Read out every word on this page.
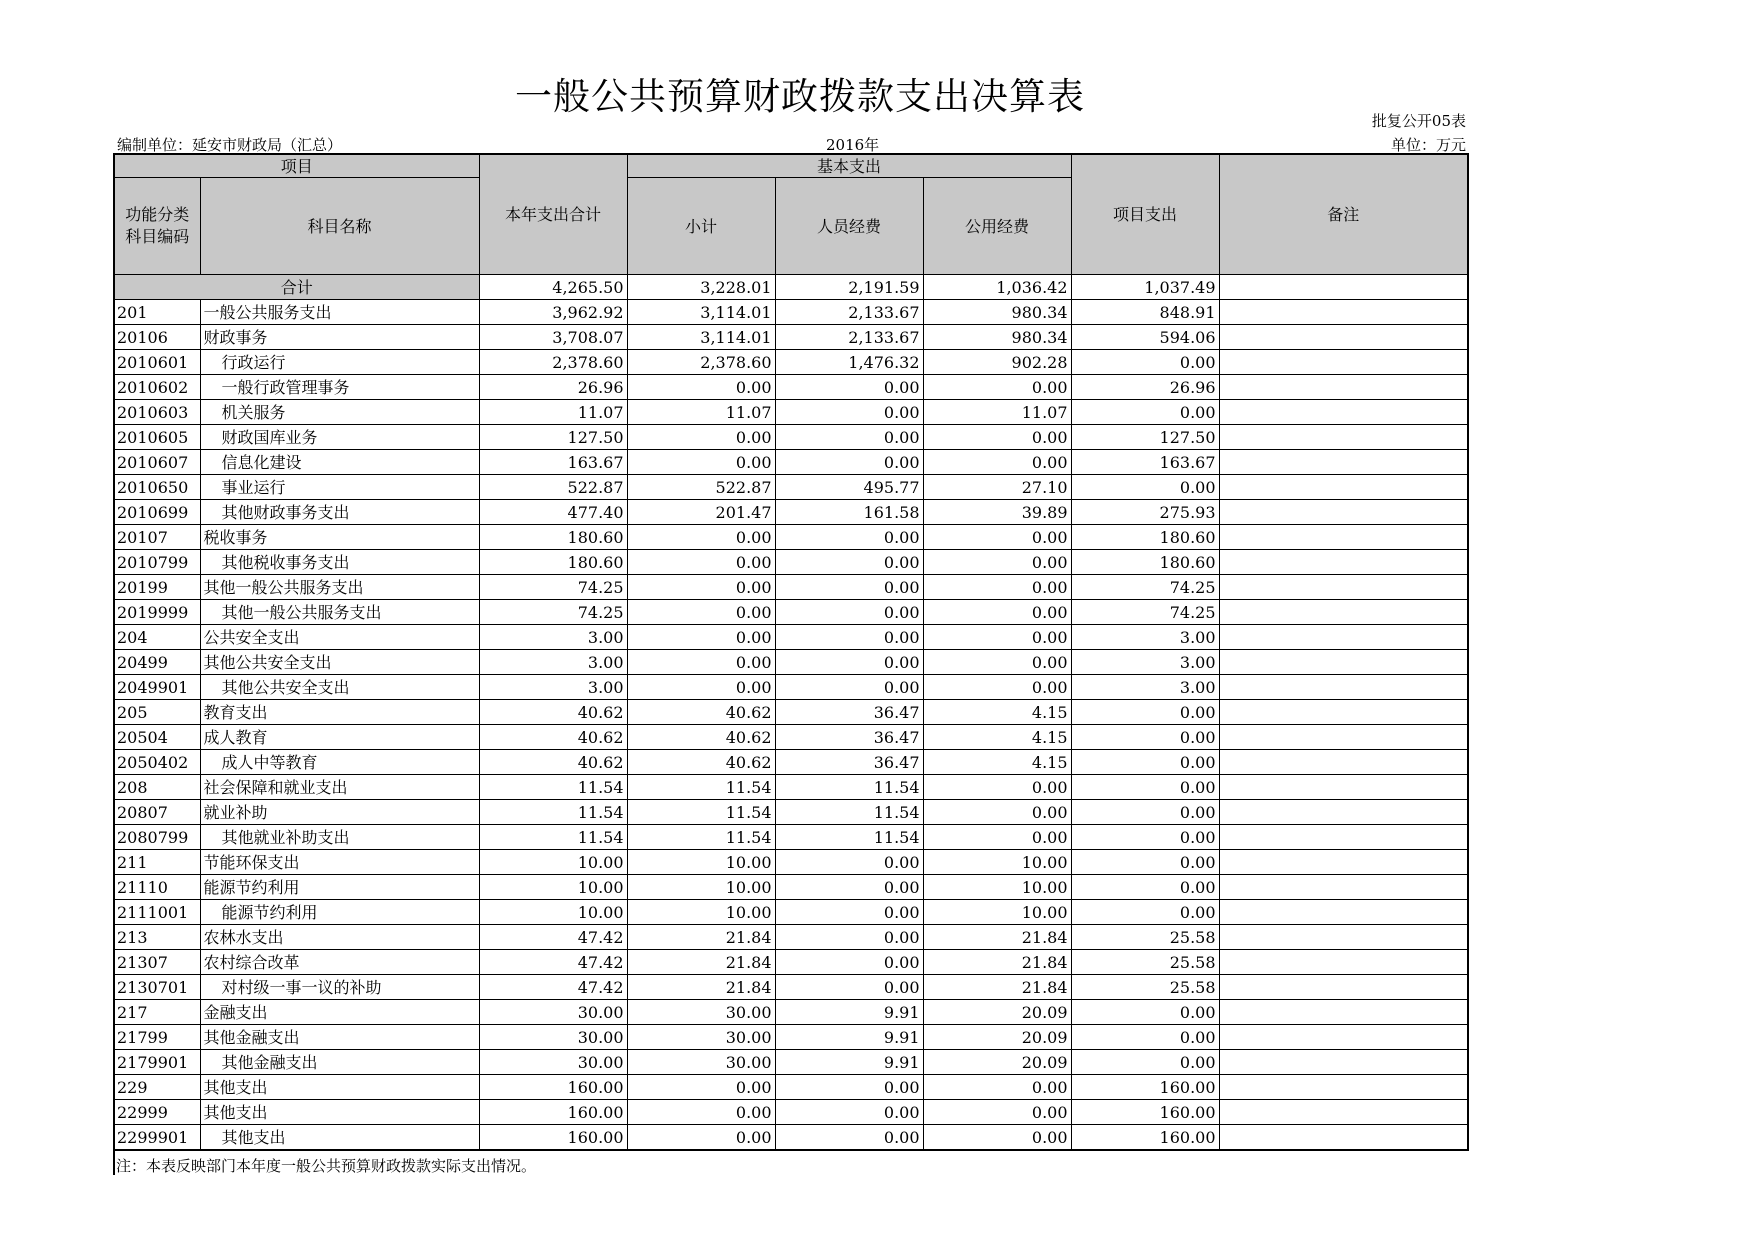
一般公共预算财政拨款支出决算表
批复公开05表
编制单位：延安市财政局（汇总）	2016年	单位：万元
项目		本年支出合计	基本支出			项目支出	备注
功能分类
科目编码	科目名称		小计	人员经费	公用经费		
合计		4,265.50	3,228.01	2,191.59	1,036.42	1,037.49	
201	一般公共服务支出	3,962.92	3,114.01	2,133.67	980.34	848.91	
20106	财政事务	3,708.07	3,114.01	2,133.67	980.34	594.06	
2010601	行政运行	2,378.60	2,378.60	1,476.32	902.28	0.00	
2010602	一般行政管理事务	26.96	0.00	0.00	0.00	26.96	
2010603	机关服务	11.07	11.07	0.00	11.07	0.00	
2010605	财政国库业务	127.50	0.00	0.00	0.00	127.50	
2010607	信息化建设	163.67	0.00	0.00	0.00	163.67	
2010650	事业运行	522.87	522.87	495.77	27.10	0.00	
2010699	其他财政事务支出	477.40	201.47	161.58	39.89	275.93	
20107	税收事务	180.60	0.00	0.00	0.00	180.60	
2010799	其他税收事务支出	180.60	0.00	0.00	0.00	180.60	
20199	其他一般公共服务支出	74.25	0.00	0.00	0.00	74.25	
2019999	其他一般公共服务支出	74.25	0.00	0.00	0.00	74.25	
204	公共安全支出	3.00	0.00	0.00	0.00	3.00	
20499	其他公共安全支出	3.00	0.00	0.00	0.00	3.00	
2049901	其他公共安全支出	3.00	0.00	0.00	0.00	3.00	
205	教育支出	40.62	40.62	36.47	4.15	0.00	
20504	成人教育	40.62	40.62	36.47	4.15	0.00	
2050402	成人中等教育	40.62	40.62	36.47	4.15	0.00	
208	社会保障和就业支出	11.54	11.54	11.54	0.00	0.00	
20807	就业补助	11.54	11.54	11.54	0.00	0.00	
2080799	其他就业补助支出	11.54	11.54	11.54	0.00	0.00	
211	节能环保支出	10.00	10.00	0.00	10.00	0.00	
21110	能源节约利用	10.00	10.00	0.00	10.00	0.00	
2111001	能源节约利用	10.00	10.00	0.00	10.00	0.00	
213	农林水支出	47.42	21.84	0.00	21.84	25.58	
21307	农村综合改革	47.42	21.84	0.00	21.84	25.58	
2130701	对村级一事一议的补助	47.42	21.84	0.00	21.84	25.58	
217	金融支出	30.00	30.00	9.91	20.09	0.00	
21799	其他金融支出	30.00	30.00	9.91	20.09	0.00	
2179901	其他金融支出	30.00	30.00	9.91	20.09	0.00	
229	其他支出	160.00	0.00	0.00	0.00	160.00	
22999	其他支出	160.00	0.00	0.00	0.00	160.00	
2299901	其他支出	160.00	0.00	0.00	0.00	160.00	
注：本表反映部门本年度一般公共预算财政拨款实际支出情况。
